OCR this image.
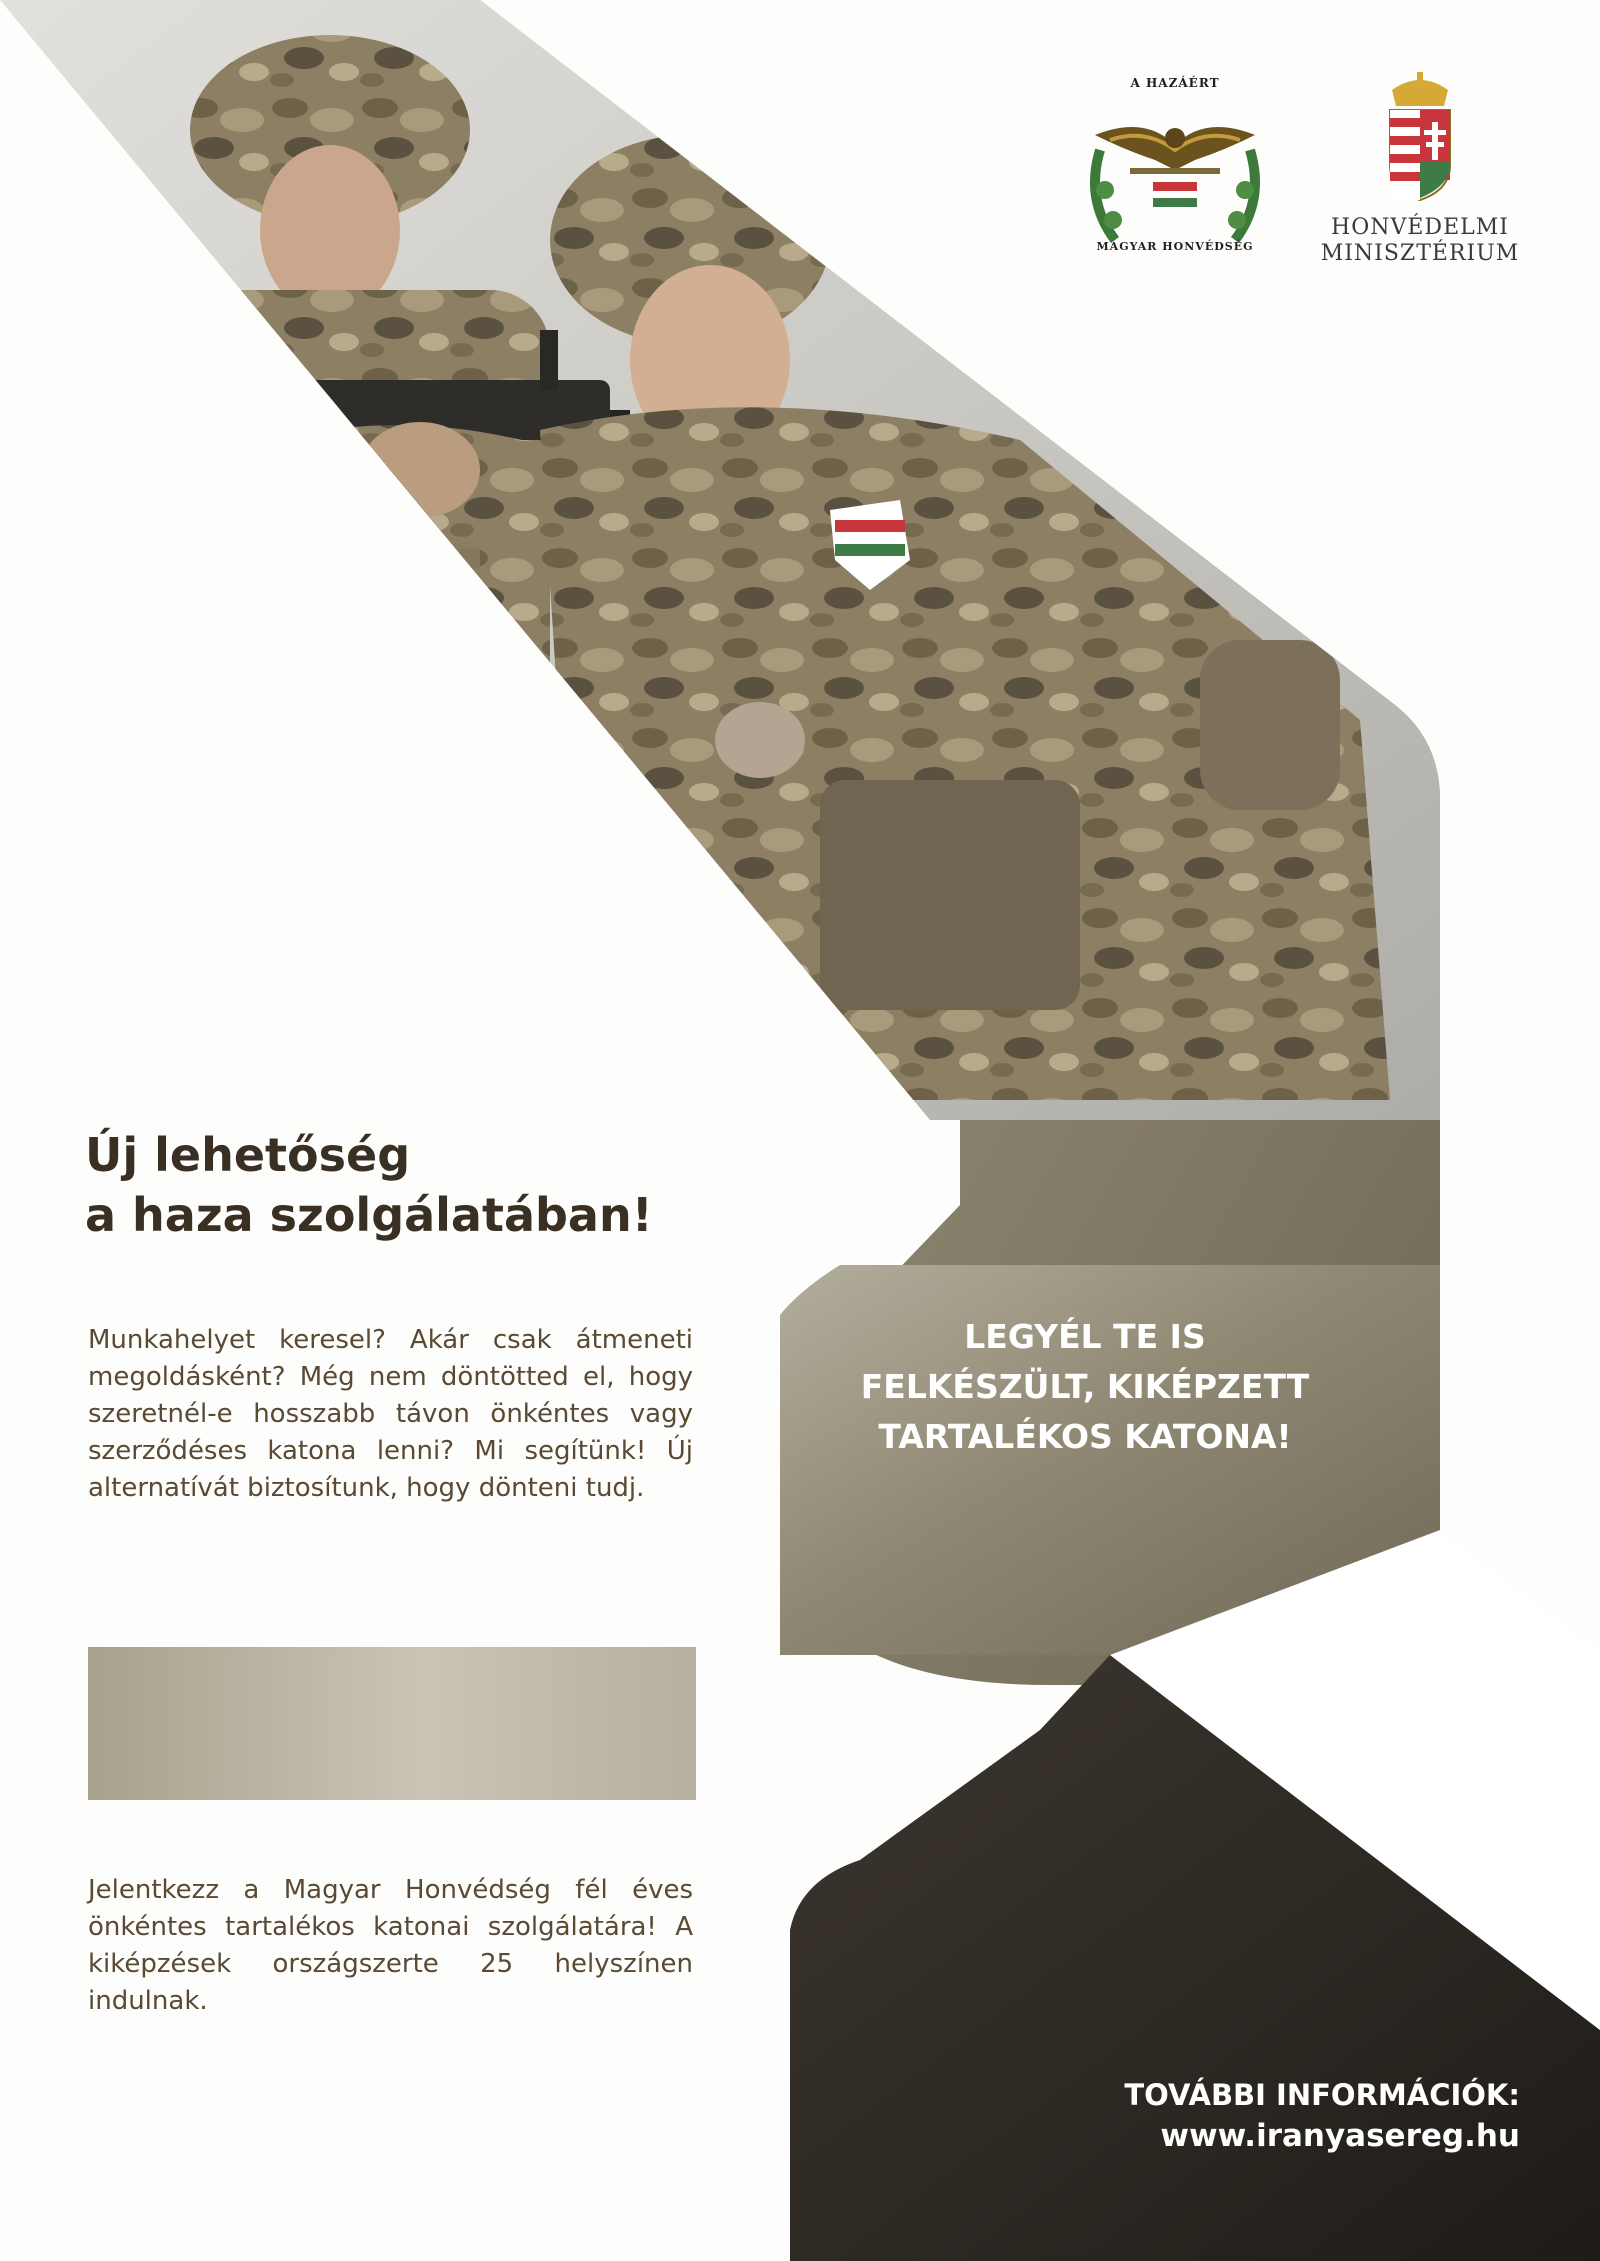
A HAZÁÉRT
MAGYAR HONVÉDSÉG
HONVÉDELMI
MINISZTÉRIUM
Új lehetőség
a haza szolgálatában!

Munkahelyet keresel? Akár csak átmeneti megoldásként? Még nem döntötted el, hogy szeretnél-e hosszabb távon önkéntes vagy szerződéses katona lenni? Mi segítünk! Új alternatívát biztosítunk, hogy dönteni tudj.

Jelentkezz a Magyar Honvédség fél éves önkéntes tartalékos katonai szolgálatára! A kiképzések országszerte 25 helyszínen indulnak.

LEGYÉL TE IS
FELKÉSZÜLT, KIKÉPZETT
TARTALÉKOS KATONA!
TOVÁBBI INFORMÁCIÓK:
www.iranyasereg.hu
